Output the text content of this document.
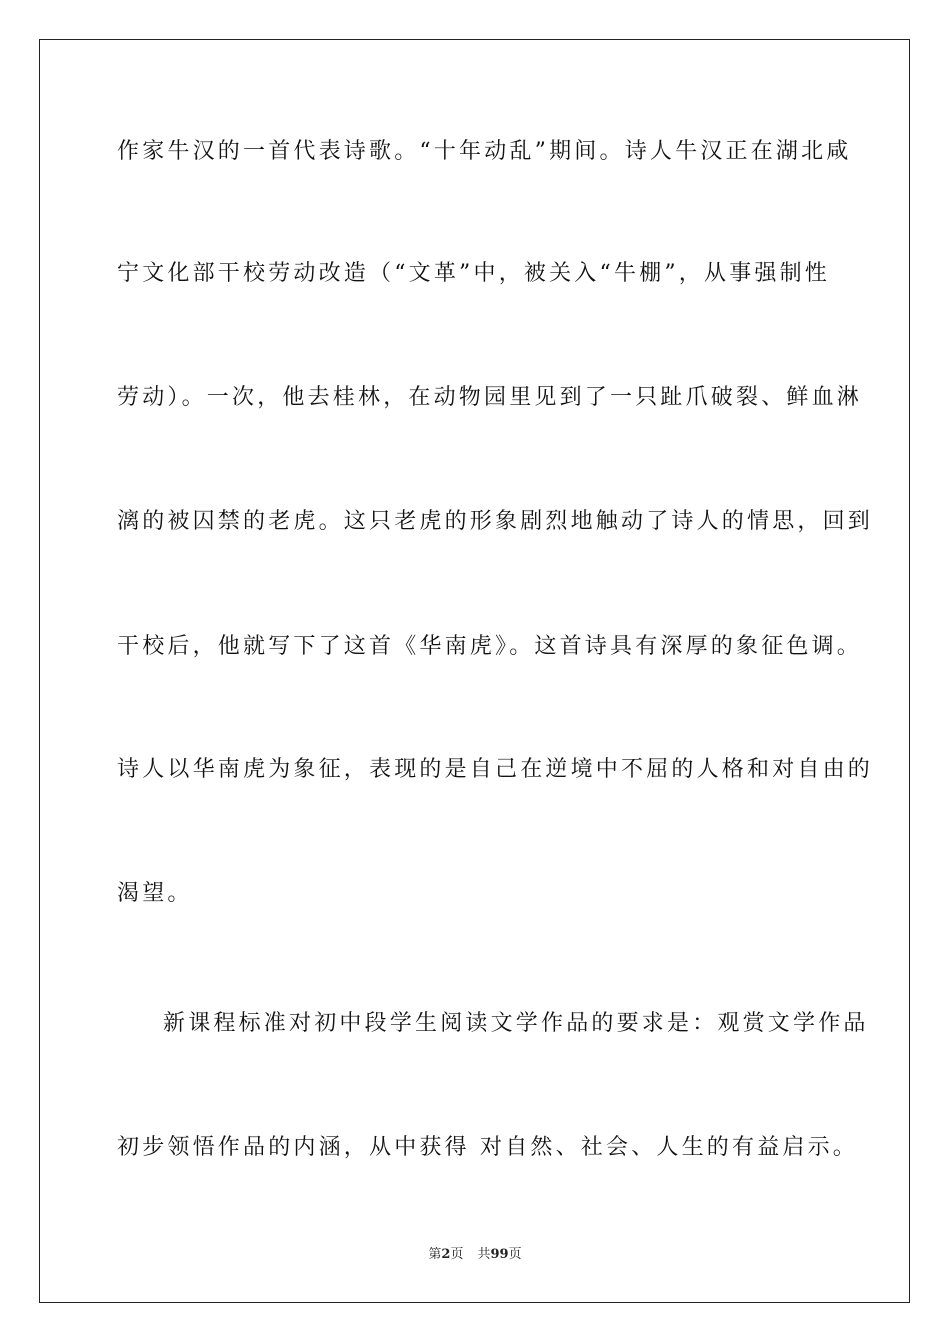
作家牛汉的一首代表诗歌。“十年动乱”期间。诗人牛汉正在湖北咸
宁文化部干校劳动改造（“文革”中，被关入“牛棚”，从事强制性
劳动）。一次，他去桂林，在动物园里见到了一只趾爪破裂、鲜血淋
漓的被囚禁的老虎。这只老虎的形象剧烈地触动了诗人的情思，回到
干校后，他就写下了这首《华南虎》。这首诗具有深厚的象征色调。
诗人以华南虎为象征，表现的是自己在逆境中不屈的人格和对自由的
渴望。
新课程标准对初中段学生阅读文学作品的要求是：观赏文学作品
初步领悟作品的内涵，从中获得 对自然、社会、人生的有益启示。
第2页 共99页
